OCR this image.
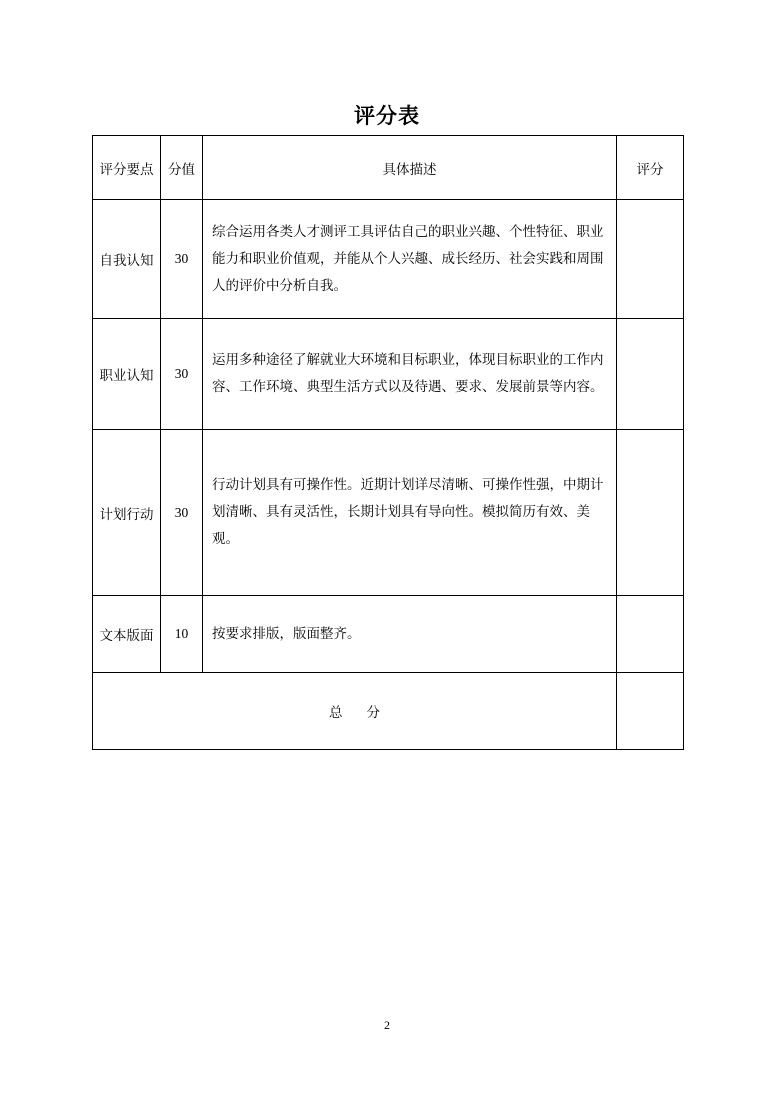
评分表
评分要点	分值	具体描述	评分
自我认知	30	综合运用各类人才测评工具评估自己的职业兴趣、个性特征、职业能力和职业价值观，并能从个人兴趣、成长经历、社会实践和周围人的评价中分析自我。	
职业认知	30	运用多种途径了解就业大环境和目标职业，体现目标职业的工作内容、工作环境、典型生活方式以及待遇、要求、发展前景等内容。	
计划行动	30	行动计划具有可操作性。近期计划详尽清晰、可操作性强，中期计划清晰、具有灵活性，长期计划具有导向性。模拟简历有效、美观。	
文本版面	10	按要求排版，版面整齐。	
总 分			
2
